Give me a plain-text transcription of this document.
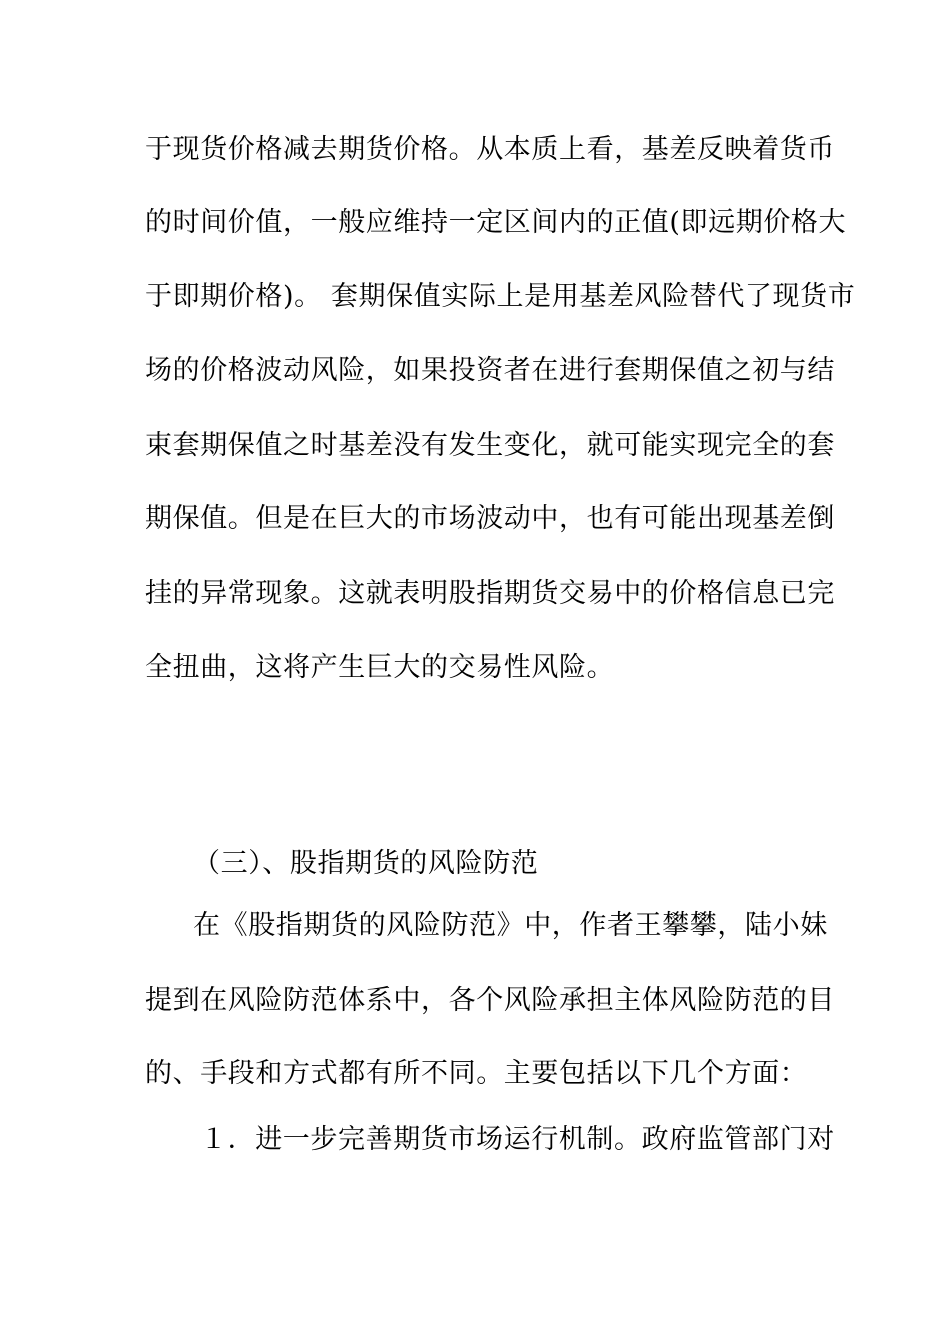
于现货价格减去期货价格。从本质上看，基差反映着货币
的时间价值，一般应维持一定区间内的正值(即远期价格大
于即期价格)。 套期保值实际上是用基差风险替代了现货市
场的价格波动风险，如果投资者在进行套期保值之初与结
束套期保值之时基差没有发生变化，就可能实现完全的套
期保值。但是在巨大的市场波动中，也有可能出现基差倒
挂的异常现象。这就表明股指期货交易中的价格信息已完
全扭曲，这将产生巨大的交易性风险。
（三）、股指期货的风险防范
在《股指期货的风险防范》中，作者王攀攀，陆小妹
提到在风险防范体系中，各个风险承担主体风险防范的目
的、手段和方式都有所不同。主要包括以下几个方面：
１．进一步完善期货市场运行机制。政府监管部门对
